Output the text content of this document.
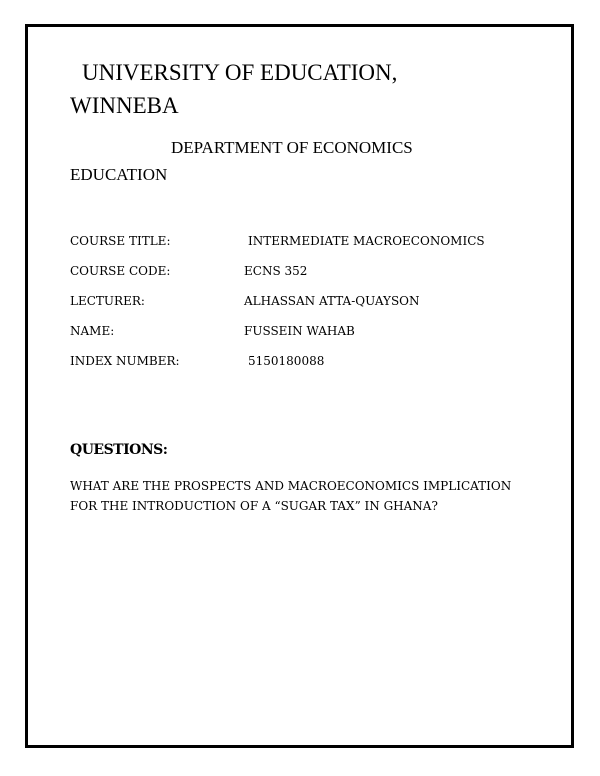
UNIVERSITY OF EDUCATION, WINNEBA
DEPARTMENT OF ECONOMICS EDUCATION
COURSE TITLE:	INTERMEDIATE MACROECONOMICS
COURSE CODE:	ECNS 352
LECTURER:	ALHASSAN ATTA-QUAYSON
NAME:	FUSSEIN WAHAB
INDEX NUMBER:	5150180088
QUESTIONS:

WHAT ARE THE PROSPECTS AND MACROECONOMICS IMPLICATION FOR THE INTRODUCTION OF A “SUGAR TAX” IN GHANA?
